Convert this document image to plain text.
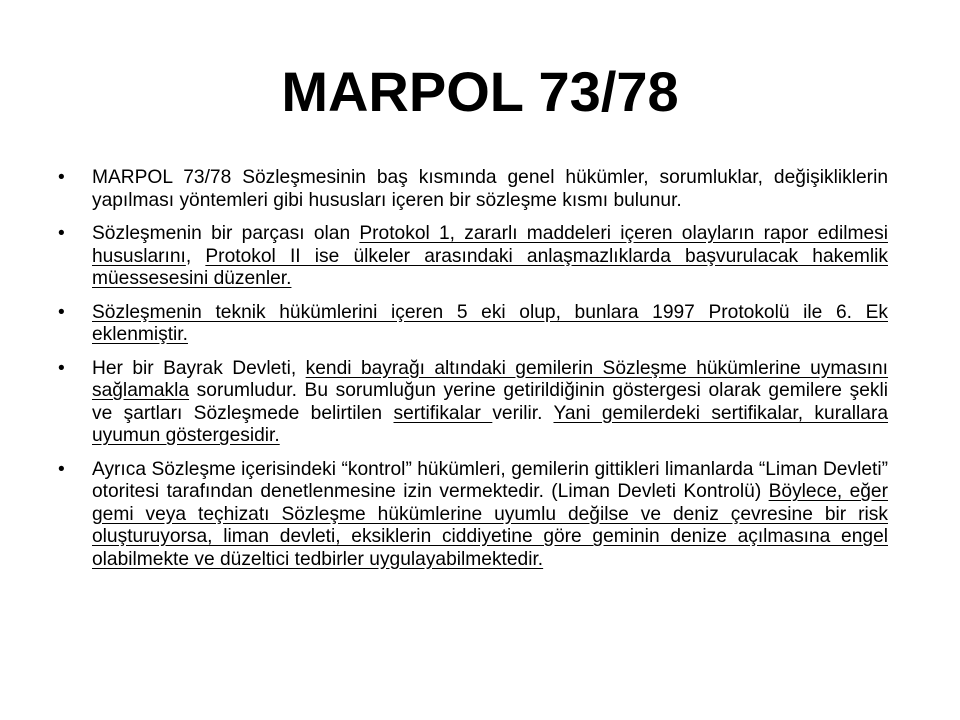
MARPOL 73/78
• MARPOL 73/78 Sözleşmesinin baş kısmında genel hükümler, sorumluklar, değişikliklerin yapılması yöntemleri gibi hususları içeren bir sözleşme kısmı bulunur.
• Sözleşmenin bir parçası olan Protokol 1, zararlı maddeleri içeren olayların rapor edilmesi hususlarını, Protokol II ise ülkeler arasındaki anlaşmazlıklarda başvurulacak hakemlik müessesesini düzenler.
• Sözleşmenin teknik hükümlerini içeren 5 eki olup, bunlara 1997 Protokolü ile 6. Ek eklenmiştir.
• Her bir Bayrak Devleti, kendi bayrağı altındaki gemilerin Sözleşme hükümlerine uymasını sağlamakla sorumludur. Bu sorumluğun yerine getirildiğinin göstergesi olarak gemilere şekli ve şartları Sözleşmede belirtilen sertifikalar verilir. Yani gemilerdeki sertifikalar, kurallara uyumun göstergesidir.
• Ayrıca Sözleşme içerisindeki “kontrol” hükümleri, gemilerin gittikleri limanlarda “Liman Devleti” otoritesi tarafından denetlenmesine izin vermektedir. (Liman Devleti Kontrolü) Böylece, eğer gemi veya teçhizatı Sözleşme hükümlerine uyumlu değilse ve deniz çevresine bir risk oluşturuyorsa, liman devleti, eksiklerin ciddiyetine göre geminin denize açılmasına engel olabilmekte ve düzeltici tedbirler uygulayabilmektedir.
